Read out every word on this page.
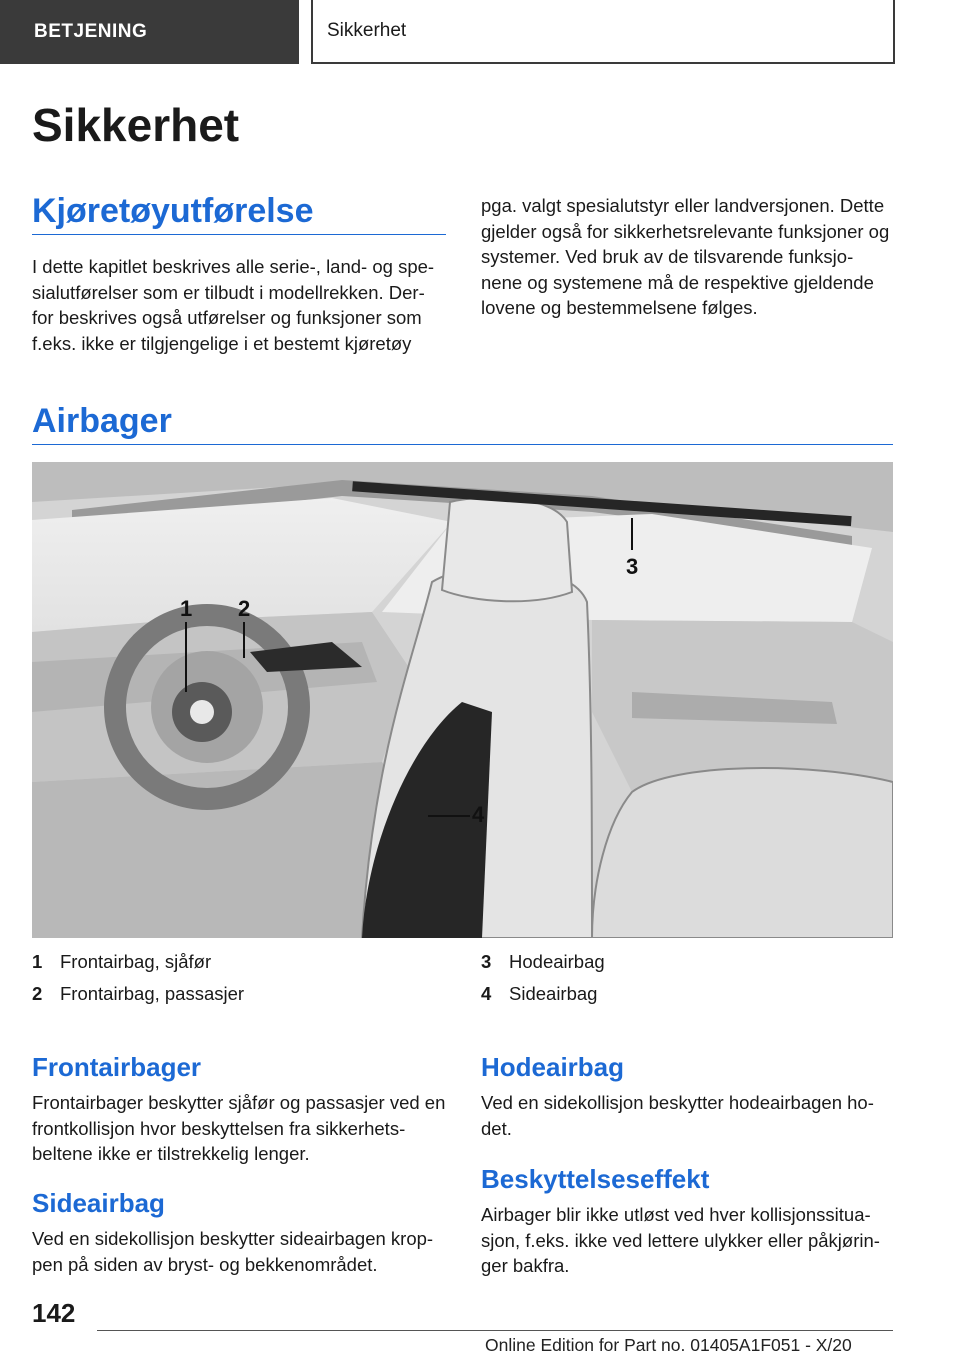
BETJENING	Sikkerhet
Sikkerhet
Kjøretøyutførelse

I dette kapitlet beskrives alle serie-, land- og spe-sialutførelser som er tilbudt i modellrekken. Der-for beskrives også utførelser og funksjoner som f.eks. ikke er tilgjengelige i et bestemt kjøretøy

pga. valgt spesialutstyr eller landversjonen. Dette gjelder også for sikkerhetsrelevante funksjoner og systemer. Ved bruk av de tilsvarende funksjo-nene og systemene må de respektive gjeldende lovene og bestemmelsene følges.

Airbager
1 2
3
4
1 Frontairbag, sjåfør
2 Frontairbag, passasjer
3 Hodeairbag
4 Sideairbag
Frontairbager

Frontairbager beskytter sjåfør og passasjer ved en frontkollisjon hvor beskyttelsen fra sikkerhets-beltene ikke er tilstrekkelig lenger.

Sideairbag

Ved en sidekollisjon beskytter sideairbagen krop-pen på siden av bryst- og bekkenområdet.

Hodeairbag

Ved en sidekollisjon beskytter hodeairbagen ho-det.

Beskyttelseseffekt

Airbager blir ikke utløst ved hver kollisjonssitua-sjon, f.eks. ikke ved lettere ulykker eller påkjørin-ger bakfra.

142
Online Edition for Part no. 01405A1F051 - X/20
